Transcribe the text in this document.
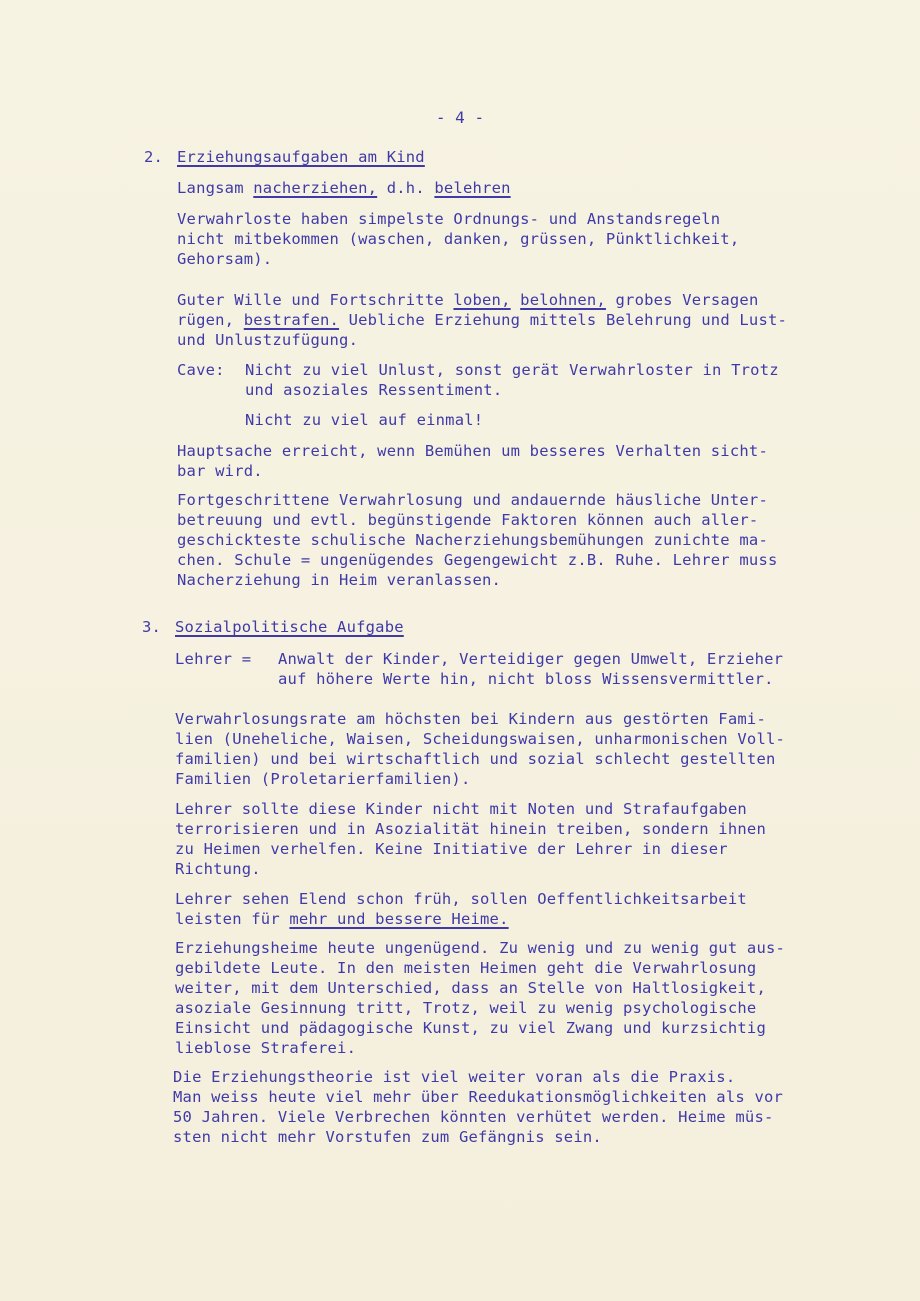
- 4 -
2. Erziehungsaufgaben am Kind
Langsam nacherziehen, d.h. belehren
Verwahrloste haben simpelste Ordnungs- und Anstandsregeln
nicht mitbekommen (waschen, danken, grüssen, Pünktlichkeit,
Gehorsam).
Guter Wille und Fortschritte loben, belohnen, grobes Versagen
rügen, bestrafen. Uebliche Erziehung mittels Belehrung und Lust-
und Unlustzufügung.
Cave: Nicht zu viel Unlust, sonst gerät Verwahrloster in Trotz
und asoziales Ressentiment.
Nicht zu viel auf einmal!
Hauptsache erreicht, wenn Bemühen um besseres Verhalten sicht-
bar wird.
Fortgeschrittene Verwahrlosung und andauernde häusliche Unter-
betreuung und evtl. begünstigende Faktoren können auch aller-
geschickteste schulische Nacherziehungsbemühungen zunichte ma-
chen. Schule = ungenügendes Gegengewicht z.B. Ruhe. Lehrer muss
Nacherziehung in Heim veranlassen.
3. Sozialpolitische Aufgabe
Lehrer = Anwalt der Kinder, Verteidiger gegen Umwelt, Erzieher
auf höhere Werte hin, nicht bloss Wissensvermittler.
Verwahrlosungsrate am höchsten bei Kindern aus gestörten Fami-
lien (Uneheliche, Waisen, Scheidungswaisen, unharmonischen Voll-
familien) und bei wirtschaftlich und sozial schlecht gestellten
Familien (Proletarierfamilien).
Lehrer sollte diese Kinder nicht mit Noten und Strafaufgaben
terrorisieren und in Asozialität hinein treiben, sondern ihnen
zu Heimen verhelfen. Keine Initiative der Lehrer in dieser
Richtung.
Lehrer sehen Elend schon früh, sollen Oeffentlichkeitsarbeit
leisten für mehr und bessere Heime.
Erziehungsheime heute ungenügend. Zu wenig und zu wenig gut aus-
gebildete Leute. In den meisten Heimen geht die Verwahrlosung
weiter, mit dem Unterschied, dass an Stelle von Haltlosigkeit,
asoziale Gesinnung tritt, Trotz, weil zu wenig psychologische
Einsicht und pädagogische Kunst, zu viel Zwang und kurzsichtig
lieblose Straferei.
Die Erziehungstheorie ist viel weiter voran als die Praxis.
Man weiss heute viel mehr über Reedukationsmöglichkeiten als vor
50 Jahren. Viele Verbrechen könnten verhütet werden. Heime müs-
sten nicht mehr Vorstufen zum Gefängnis sein.
